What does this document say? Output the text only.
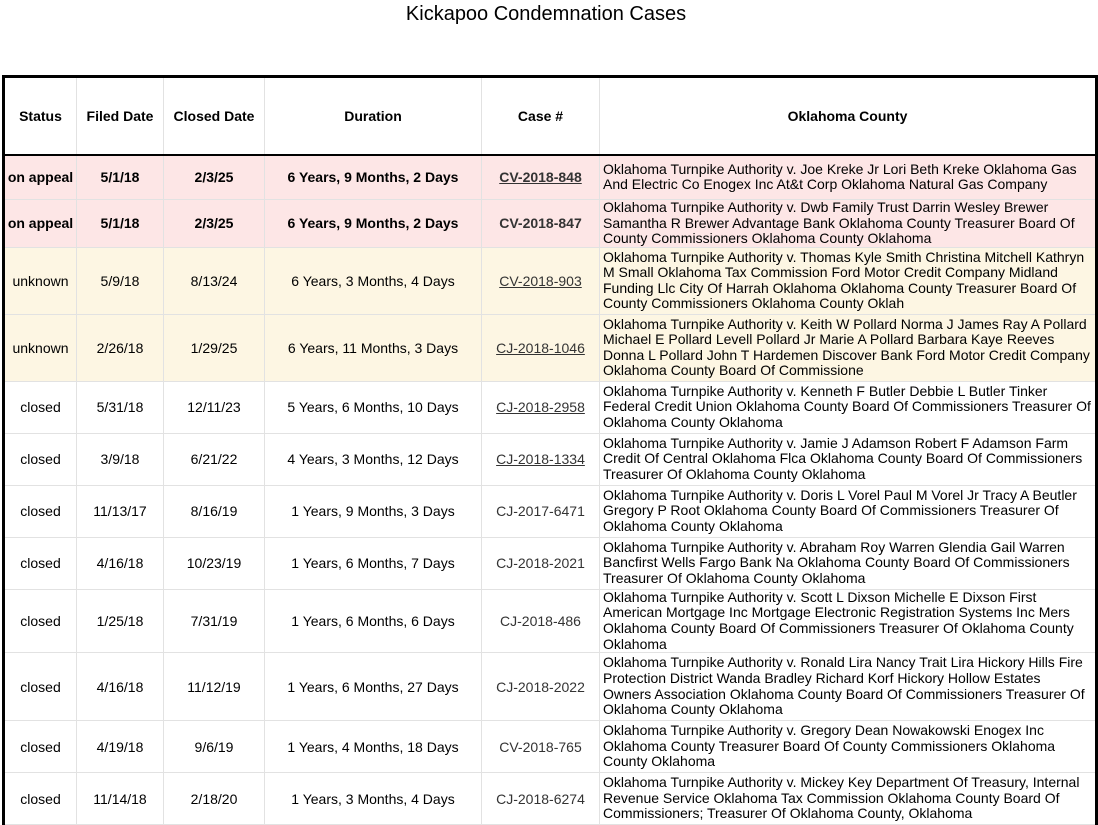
Kickapoo Condemnation Cases
Status	Filed Date	Closed Date	Duration	Case #	Oklahoma County
on appeal	5/1/18	2/3/25	6 Years, 9 Months, 2 Days	CV-2018-848	Oklahoma Turnpike Authority v. Joe Kreke Jr Lori Beth Kreke Oklahoma Gas And Electric Co Enogex Inc At&t Corp Oklahoma Natural Gas Company
on appeal	5/1/18	2/3/25	6 Years, 9 Months, 2 Days	CV-2018-847	Oklahoma Turnpike Authority v. Dwb Family Trust Darrin Wesley Brewer Samantha R Brewer Advantage Bank Oklahoma County Treasurer Board Of County Commissioners Oklahoma County Oklahoma
unknown	5/9/18	8/13/24	6 Years, 3 Months, 4 Days	CV-2018-903	Oklahoma Turnpike Authority v. Thomas Kyle Smith Christina Mitchell Kathryn M Small Oklahoma Tax Commission Ford Motor Credit Company Midland Funding Llc City Of Harrah Oklahoma Oklahoma County Treasurer Board Of County Commissioners Oklahoma County Oklah
unknown	2/26/18	1/29/25	6 Years, 11 Months, 3 Days	CJ-2018-1046	Oklahoma Turnpike Authority v. Keith W Pollard Norma J James Ray A Pollard Michael E Pollard Levell Pollard Jr Marie A Pollard Barbara Kaye Reeves Donna L Pollard John T Hardemen Discover Bank Ford Motor Credit Company Oklahoma County Board Of Commissione
closed	5/31/18	12/11/23	5 Years, 6 Months, 10 Days	CJ-2018-2958	Oklahoma Turnpike Authority v. Kenneth F Butler Debbie L Butler Tinker Federal Credit Union Oklahoma County Board Of Commissioners Treasurer Of Oklahoma County Oklahoma
closed	3/9/18	6/21/22	4 Years, 3 Months, 12 Days	CJ-2018-1334	Oklahoma Turnpike Authority v. Jamie J Adamson Robert F Adamson Farm Credit Of Central Oklahoma Flca Oklahoma County Board Of Commissioners Treasurer Of Oklahoma County Oklahoma
closed	11/13/17	8/16/19	1 Years, 9 Months, 3 Days	CJ-2017-6471	Oklahoma Turnpike Authority v. Doris L Vorel Paul M Vorel Jr Tracy A Beutler Gregory P Root Oklahoma County Board Of Commissioners Treasurer Of Oklahoma County Oklahoma
closed	4/16/18	10/23/19	1 Years, 6 Months, 7 Days	CJ-2018-2021	Oklahoma Turnpike Authority v. Abraham Roy Warren Glendia Gail Warren Bancfirst Wells Fargo Bank Na Oklahoma County Board Of Commissioners Treasurer Of Oklahoma County Oklahoma
closed	1/25/18	7/31/19	1 Years, 6 Months, 6 Days	CJ-2018-486	Oklahoma Turnpike Authority v. Scott L Dixson Michelle E Dixson First American Mortgage Inc Mortgage Electronic Registration Systems Inc Mers Oklahoma County Board Of Commissioners Treasurer Of Oklahoma County Oklahoma
closed	4/16/18	11/12/19	1 Years, 6 Months, 27 Days	CJ-2018-2022	Oklahoma Turnpike Authority v. Ronald Lira Nancy Trait Lira Hickory Hills Fire Protection District Wanda Bradley Richard Korf Hickory Hollow Estates Owners Association Oklahoma County Board Of Commissioners Treasurer Of Oklahoma County Oklahoma
closed	4/19/18	9/6/19	1 Years, 4 Months, 18 Days	CV-2018-765	Oklahoma Turnpike Authority v. Gregory Dean Nowakowski Enogex Inc Oklahoma County Treasurer Board Of County Commissioners Oklahoma County Oklahoma
closed	11/14/18	2/18/20	1 Years, 3 Months, 4 Days	CJ-2018-6274	Oklahoma Turnpike Authority v. Mickey Key Department Of Treasury, Internal Revenue Service Oklahoma Tax Commission Oklahoma County Board Of Commissioners; Treasurer Of Oklahoma County, Oklahoma
